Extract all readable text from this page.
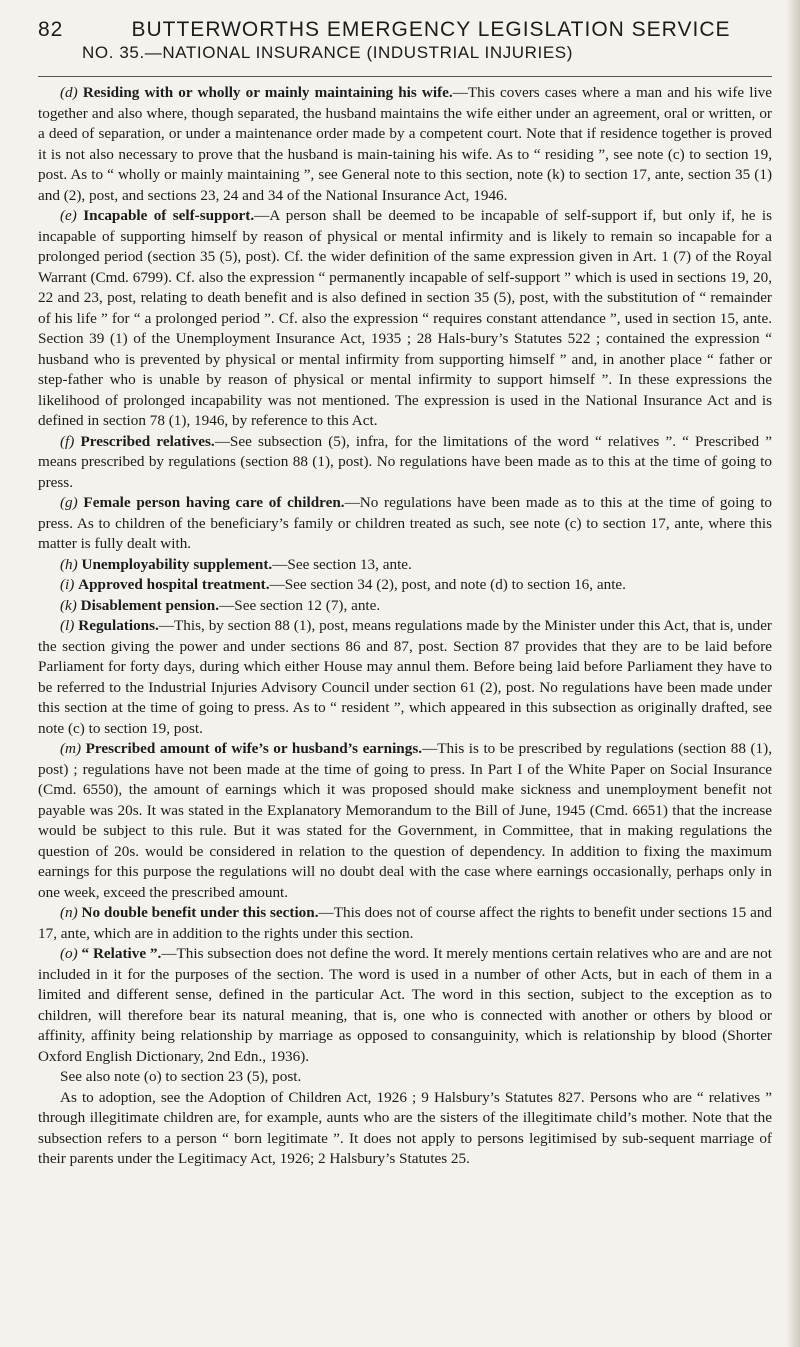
82	BUTTERWORTHS EMERGENCY LEGISLATION SERVICE
NO. 35.—NATIONAL INSURANCE (INDUSTRIAL INJURIES)

(d) Residing with or wholly or mainly maintaining his wife.—This covers cases where a man and his wife live together and also where, though separated, the husband maintains the wife either under an agreement, oral or written, or a deed of separation, or under a maintenance order made by a competent court. Note that if residence together is proved it is not also necessary to prove that the husband is main-taining his wife. As to “ residing ”, see note (c) to section 19, post. As to “ wholly or mainly maintaining ”, see General note to this section, note (k) to section 17, ante, section 35 (1) and (2), post, and sections 23, 24 and 34 of the National Insurance Act, 1946.

(e) Incapable of self-support.—A person shall be deemed to be incapable of self-support if, but only if, he is incapable of supporting himself by reason of physical or mental infirmity and is likely to remain so incapable for a prolonged period (section 35 (5), post). Cf. the wider definition of the same expression given in Art. 1 (7) of the Royal Warrant (Cmd. 6799). Cf. also the expression “ permanently incapable of self-support ” which is used in sections 19, 20, 22 and 23, post, relating to death benefit and is also defined in section 35 (5), post, with the substitution of “ remainder of his life ” for “ a prolonged period ”. Cf. also the expression “ requires constant attendance ”, used in section 15, ante. Section 39 (1) of the Unemployment Insurance Act, 1935 ; 28 Hals-bury’s Statutes 522 ; contained the expression “ husband who is prevented by physical or mental infirmity from supporting himself ” and, in another place “ father or step-father who is unable by reason of physical or mental infirmity to support himself ”. In these expressions the likelihood of prolonged incapability was not mentioned. The expression is used in the National Insurance Act and is defined in section 78 (1), 1946, by reference to this Act.

(f) Prescribed relatives.—See subsection (5), infra, for the limitations of the word “ relatives ”. “ Prescribed ” means prescribed by regulations (section 88 (1), post). No regulations have been made as to this at the time of going to press.

(g) Female person having care of children.—No regulations have been made as to this at the time of going to press. As to children of the beneficiary’s family or children treated as such, see note (c) to section 17, ante, where this matter is fully dealt with.

(h) Unemployability supplement.—See section 13, ante.

(i) Approved hospital treatment.—See section 34 (2), post, and note (d) to section 16, ante.

(k) Disablement pension.—See section 12 (7), ante.

(l) Regulations.—This, by section 88 (1), post, means regulations made by the Minister under this Act, that is, under the section giving the power and under sections 86 and 87, post. Section 87 provides that they are to be laid before Parliament for forty days, during which either House may annul them. Before being laid before Parliament they have to be referred to the Industrial Injuries Advisory Council under section 61 (2), post. No regulations have been made under this section at the time of going to press. As to “ resident ”, which appeared in this subsection as originally drafted, see note (c) to section 19, post.

(m) Prescribed amount of wife’s or husband’s earnings.—This is to be prescribed by regulations (section 88 (1), post) ; regulations have not been made at the time of going to press. In Part I of the White Paper on Social Insurance (Cmd. 6550), the amount of earnings which it was proposed should make sickness and unemployment benefit not payable was 20s. It was stated in the Explanatory Memorandum to the Bill of June, 1945 (Cmd. 6651) that the increase would be subject to this rule. But it was stated for the Government, in Committee, that in making regulations the question of 20s. would be considered in relation to the question of dependency. In addition to fixing the maximum earnings for this purpose the regulations will no doubt deal with the case where earnings occasionally, perhaps only in one week, exceed the prescribed amount.

(n) No double benefit under this section.—This does not of course affect the rights to benefit under sections 15 and 17, ante, which are in addition to the rights under this section.

(o) “ Relative ”.—This subsection does not define the word. It merely mentions certain relatives who are and are not included in it for the purposes of the section. The word is used in a number of other Acts, but in each of them in a limited and different sense, defined in the particular Act. The word in this section, subject to the exception as to children, will therefore bear its natural meaning, that is, one who is connected with another or others by blood or affinity, affinity being relationship by marriage as opposed to consanguinity, which is relationship by blood (Shorter Oxford English Dictionary, 2nd Edn., 1936).

See also note (o) to section 23 (5), post.

As to adoption, see the Adoption of Children Act, 1926 ; 9 Halsbury’s Statutes 827. Persons who are “ relatives ” through illegitimate children are, for example, aunts who are the sisters of the illegitimate child’s mother. Note that the subsection refers to a person “ born legitimate ”. It does not apply to persons legitimised by sub-sequent marriage of their parents under the Legitimacy Act, 1926; 2 Halsbury’s Statutes 25.
